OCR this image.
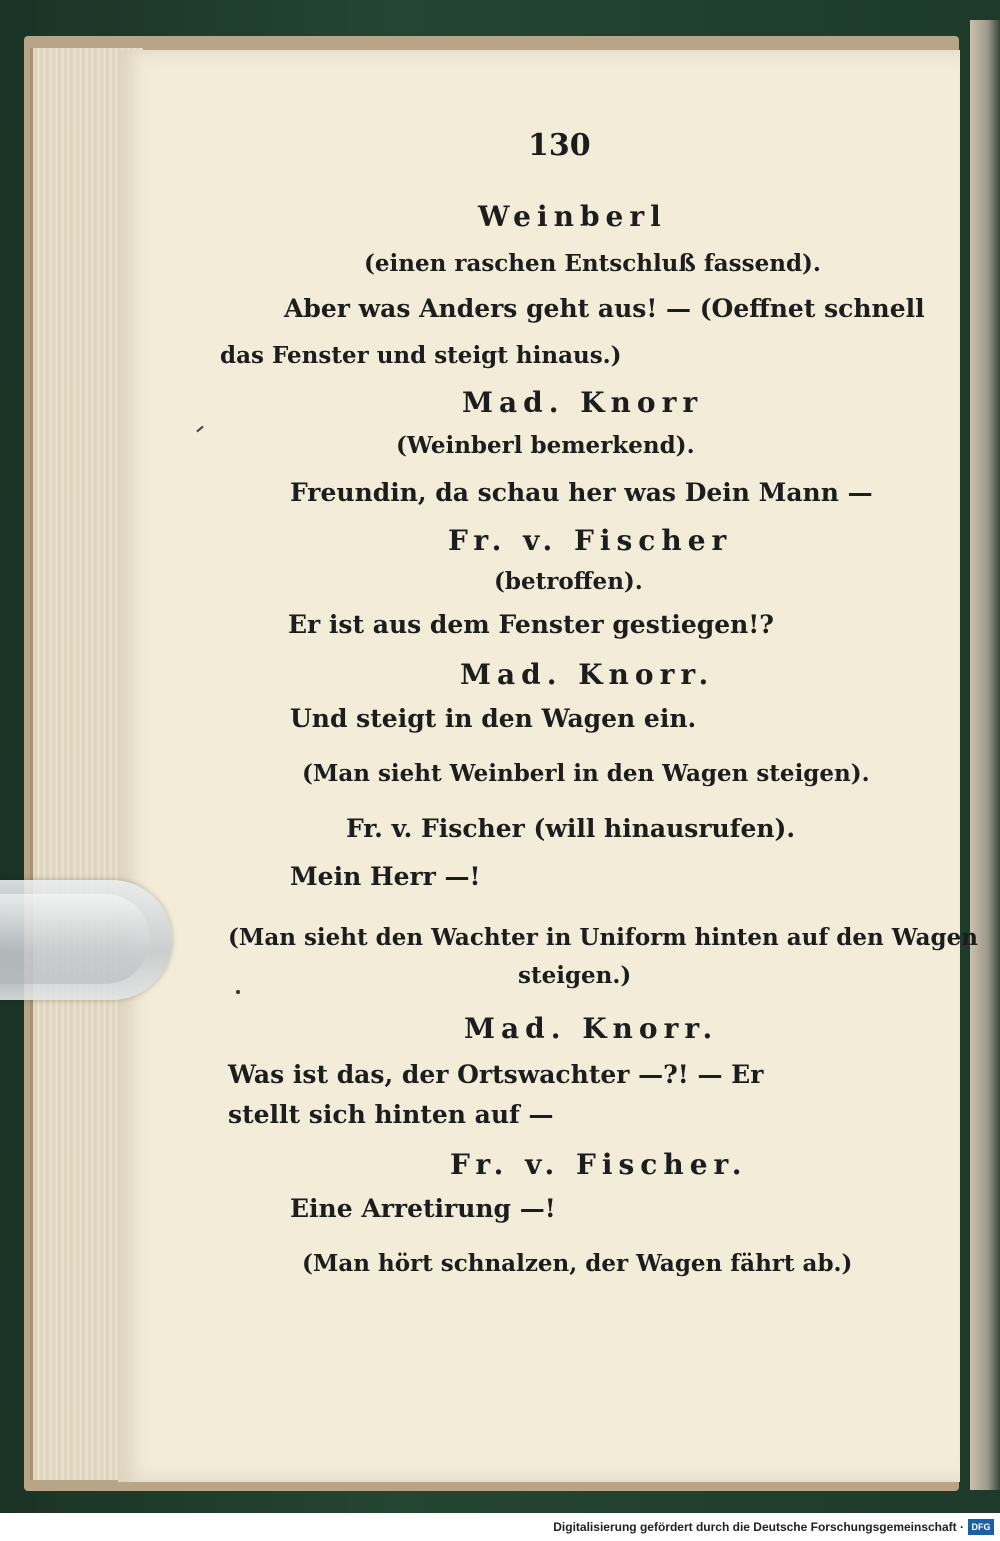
130
Weinberl
(einen raschen Entschluß fassend).
Aber was Anders geht aus! — (Oeffnet schnell
das Fenster und steigt hinaus.)
Mad. Knorr
(Weinberl bemerkend).
Freundin, da schau her was Dein Mann —
Fr. v. Fischer
(betroffen).
Er ist aus dem Fenster gestiegen!?
Mad. Knorr.
Und steigt in den Wagen ein.
(Man sieht Weinberl in den Wagen steigen).
Fr. v. Fischer (will hinausrufen).
Mein Herr —!
(Man sieht den Wachter in Uniform hinten auf den Wagen
steigen.)
Mad. Knorr.
Was ist das, der Ortswachter —?! — Er
stellt sich hinten auf —
Fr. v. Fischer.
Eine Arretirung —!
(Man hört schnalzen, der Wagen fährt ab.)
Digitalisierung gefördert durch die Deutsche Forschungsgemeinschaft · DFG
